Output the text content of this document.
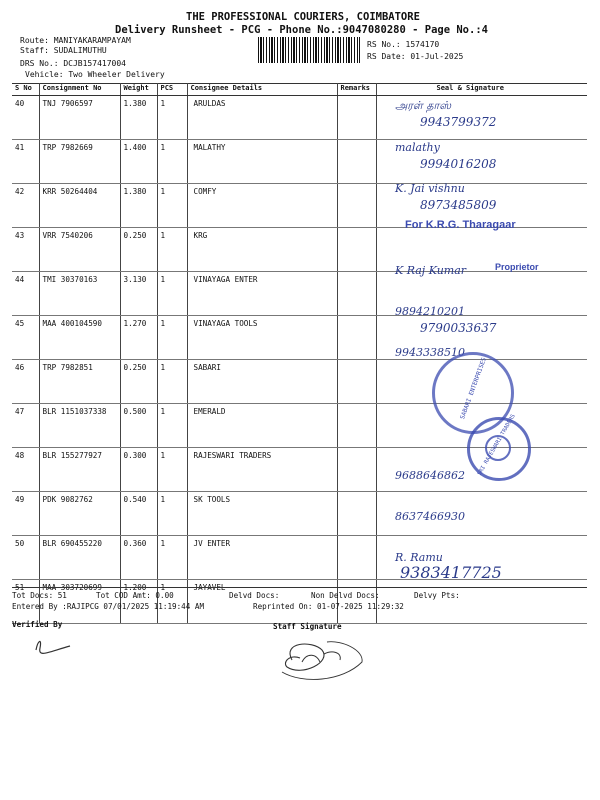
THE PROFESSIONAL COURIERS, COIMBATORE
Delivery Runsheet - PCG - Phone No.:9047080280 - Page No.:4
Route: MANIYAKARAMPAYAM
Staff: SUDALIMUTHU
DRS No.: DCJB157417004
Vehicle: Two Wheeler Delivery
RS No.: 1574170
RS Date: 01-Jul-2025
S No	Consignment No	Weight	PCS	Consignee Details	Remarks	Seal & Signature
40	TNJ 7906597	1.380	1	ARULDAS		
41	TRP 7982669	1.400	1	MALATHY		
42	KRR 50264404	1.380	1	COMFY		
43	VRR 7540206	0.250	1	KRG		
44	TMI 30370163	3.130	1	VINAYAGA ENTER		
45	MAA 400104590	1.270	1	VINAYAGA TOOLS		
46	TRP 7982851	0.250	1	SABARI		
47	BLR 1151037338	0.500	1	EMERALD		
48	BLR 155277927	0.300	1	RAJESWARI TRADERS		
49	PDK 9082762	0.540	1	SK TOOLS		
50	BLR 690455220	0.360	1	JV ENTER		
51	MAA 303720699	1.200	1	JAYAVEL		
அரள் தாஸ்
9943799372
malathy
9994016208
K. Jai vishnu
8973485809
For K.R.G. Tharagaar
K Raj Kumar	Proprietor
9894210201
9790033637
9943338510
9688646862
8637466930
R. Ramu
9383417725
SABARI ENTERPRISES
SRI RAJESWARI TRADERS
Tot Docs: 51	Tot COD Amt: 0.00	Delvd Docs:	Non Delvd Docs:	Delvy Pts:
Entered By :RAJIPCG 07/01/2025 11:19:44 AM	Reprinted On: 01-07-2025 11:29:32
Verified By	Staff Signature
